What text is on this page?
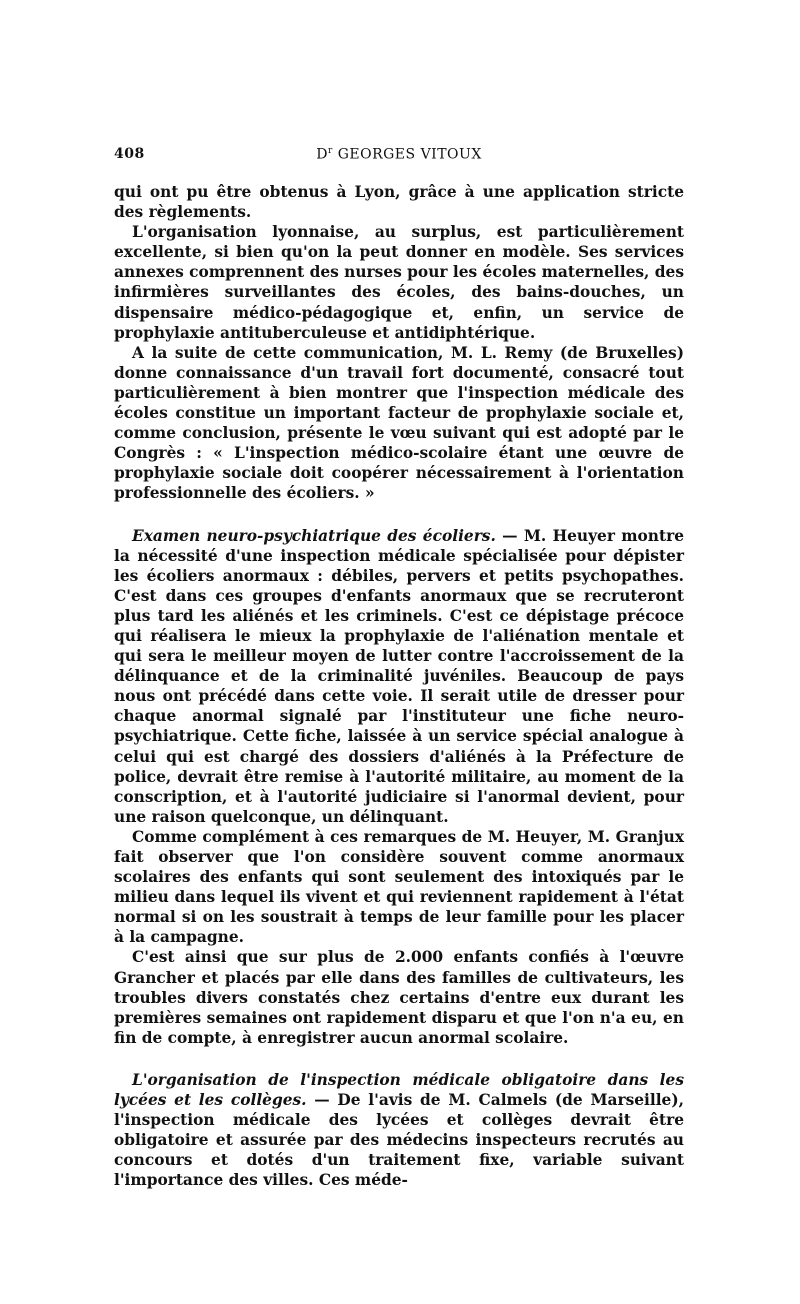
408	$D^r$ GEORGES VITOUX

qui ont pu être obtenus à Lyon, grâce à une application stricte des règlements.

L'organisation lyonnaise, au surplus, est particulièrement excellente, si bien qu'on la peut donner en modèle. Ses services annexes comprennent des nurses pour les écoles maternelles, des infirmières surveillantes des écoles, des bains-douches, un dispensaire médico-pédagogique et, enfin, un service de prophylaxie antituberculeuse et antidiphtérique.

A la suite de cette communication, M. L. Remy (de Bruxelles) donne connaissance d'un travail fort documenté, consacré tout particulièrement à bien montrer que l'inspection médicale des écoles constitue un important facteur de prophylaxie sociale et, comme conclusion, présente le vœu suivant qui est adopté par le Congrès : « L'inspection médico-scolaire étant une œuvre de prophylaxie sociale doit coopérer nécessairement à l'orientation professionnelle des écoliers. »

Examen neuro-psychiatrique des écoliers. — M. Heuyer montre la nécessité d'une inspection médicale spécialisée pour dépister les écoliers anormaux : débiles, pervers et petits psychopathes. C'est dans ces groupes d'enfants anormaux que se recruteront plus tard les aliénés et les criminels. C'est ce dépistage précoce qui réalisera le mieux la prophylaxie de l'aliénation mentale et qui sera le meilleur moyen de lutter contre l'accroissement de la délinquance et de la criminalité juvéniles. Beaucoup de pays nous ont précédé dans cette voie. Il serait utile de dresser pour chaque anormal signalé par l'instituteur une fiche neuro-psychiatrique. Cette fiche, laissée à un service spécial analogue à celui qui est chargé des dossiers d'aliénés à la Préfecture de police, devrait être remise à l'autorité militaire, au moment de la conscription, et à l'autorité judiciaire si l'anormal devient, pour une raison quelconque, un délinquant.

Comme complément à ces remarques de M. Heuyer, M. Granjux fait observer que l'on considère souvent comme anormaux scolaires des enfants qui sont seulement des intoxiqués par le milieu dans lequel ils vivent et qui reviennent rapidement à l'état normal si on les soustrait à temps de leur famille pour les placer à la campagne.

C'est ainsi que sur plus de 2.000 enfants confiés à l'œuvre Grancher et placés par elle dans des familles de cultivateurs, les troubles divers constatés chez certains d'entre eux durant les premières semaines ont rapidement disparu et que l'on n'a eu, en fin de compte, à enregistrer aucun anormal scolaire.

L'organisation de l'inspection médicale obligatoire dans les lycées et les collèges. — De l'avis de M. Calmels (de Marseille), l'inspection médicale des lycées et collèges devrait être obligatoire et assurée par des médecins inspecteurs recrutés au concours et dotés d'un traitement fixe, variable suivant l'importance des villes. Ces méde-
